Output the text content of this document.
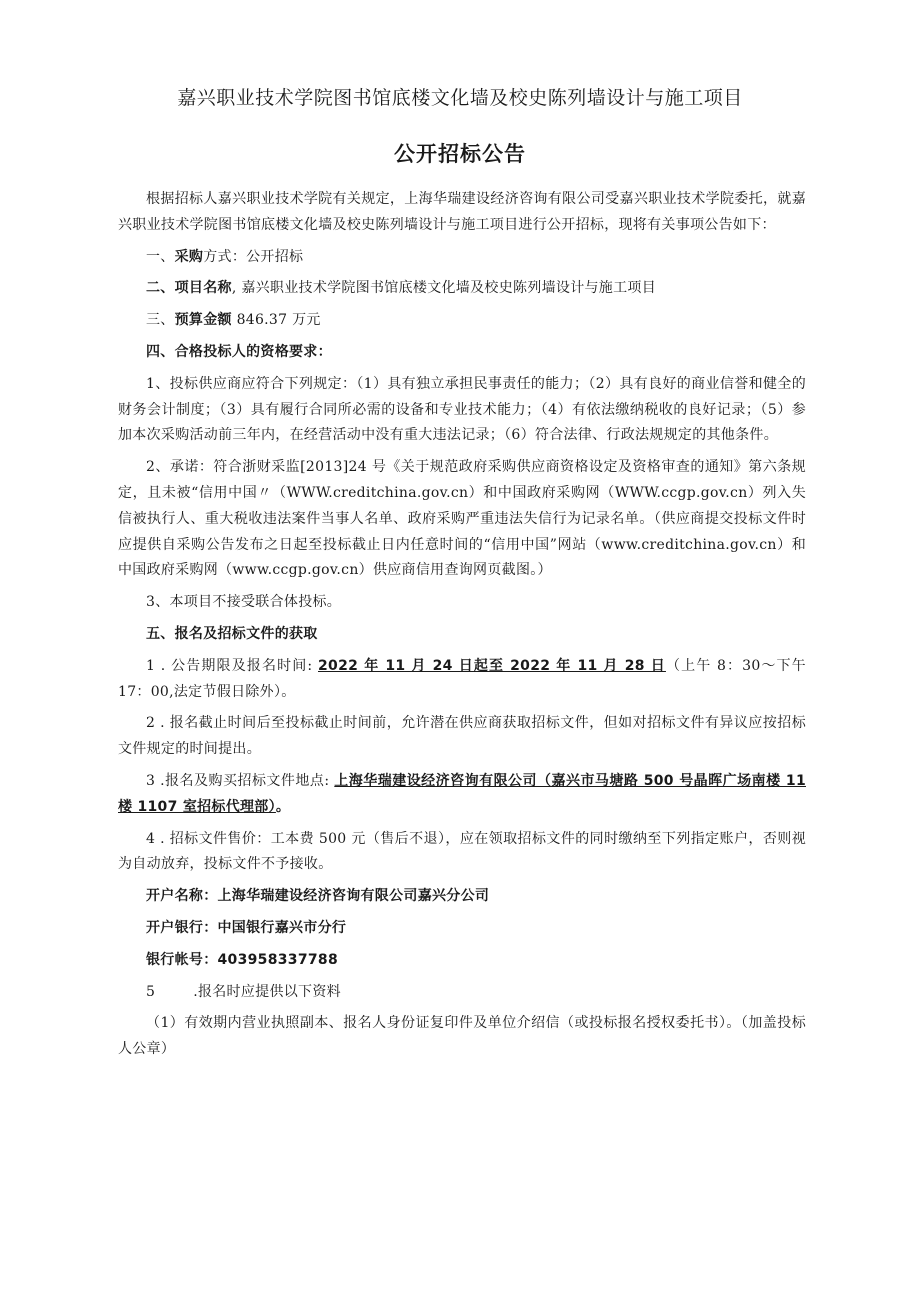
嘉兴职业技术学院图书馆底楼文化墙及校史陈列墙设计与施工项目
公开招标公告

根据招标人嘉兴职业技术学院有关规定，上海华瑞建设经济咨询有限公司受嘉兴职业技术学院委托，就嘉兴职业技术学院图书馆底楼文化墙及校史陈列墙设计与施工项目进行公开招标，现将有关事项公告如下：

一、采购方式：公开招标

二、项目名称, 嘉兴职业技术学院图书馆底楼文化墙及校史陈列墙设计与施工项目

三、预算金额 846.37 万元

四、合格投标人的资格要求：

1、投标供应商应符合下列规定：（1）具有独立承担民事责任的能力；（2）具有良好的商业信誉和健全的财务会计制度；（3）具有履行合同所必需的设备和专业技术能力；（4）有依法缴纳税收的良好记录；（5）参加本次采购活动前三年内，在经营活动中没有重大违法记录；（6）符合法律、行政法规规定的其他条件。

2、承诺：符合浙财采监[2013]24 号《关于规范政府采购供应商资格设定及资格审查的通知》第六条规定，且未被“信用中国〃（WWW.creditchina.gov.cn）和中国政府采购网（WWW.ccgp.gov.cn）列入失信被执行人、重大税收违法案件当事人名单、政府采购严重违法失信行为记录名单。（供应商提交投标文件时应提供自采购公告发布之日起至投标截止日内任意时间的“信用中国”网站（www.creditchina.gov.cn）和中国政府采购网（www.ccgp.gov.cn）供应商信用查询网页截图。）

3、本项目不接受联合体投标。

五、报名及招标文件的获取

1 . 公告期限及报名时间: 2022 年 11 月 24 日起至 2022 年 11 月 28 日（上午 8：30～下午 17：00,法定节假日除外）。

2 . 报名截止时间后至投标截止时间前，允许潜在供应商获取招标文件，但如对招标文件有异议应按招标文件规定的时间提出。

3 .报名及购买招标文件地点: 上海华瑞建设经济咨询有限公司（嘉兴市马塘路 500 号晶晖广场南楼 11 楼 1107 室招标代理部）。

4 . 招标文件售价：工本费 500 元（售后不退），应在领取招标文件的同时缴纳至下列指定账户，否则视为自动放弃，投标文件不予接收。

开户名称：上海华瑞建设经济咨询有限公司嘉兴分公司

开户银行：中国银行嘉兴市分行

银行帐号：403958337788

5        .报名时应提供以下资料

（1）有效期内营业执照副本、报名人身份证复印件及单位介绍信（或投标报名授权委托书）。（加盖投标人公章）
